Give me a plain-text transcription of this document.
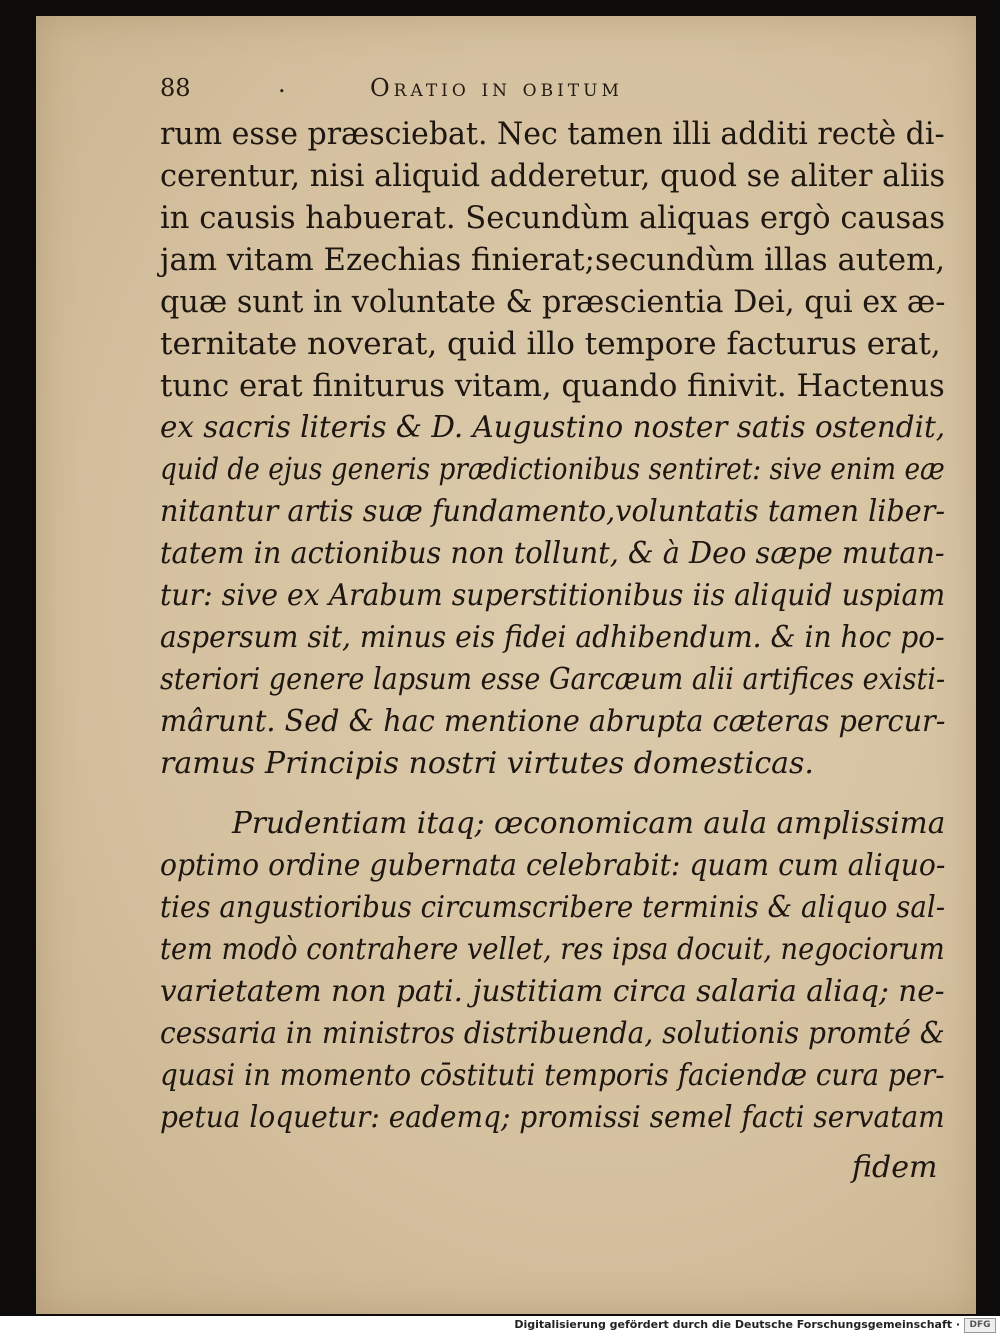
88	.	Oratio in obitum
rum esse præsciebat. Nec tamen illi additi rectè di-
cerentur, nisi aliquid adderetur, quod se aliter aliis
in causis habuerat. Secundùm aliquas ergò causas
jam vitam Ezechias finierat;secundùm illas autem,
quæ sunt in voluntate & præscientia Dei, qui ex æ-
ternitate noverat, quid illo tempore facturus erat,
tunc erat finiturus vitam, quando finivit. Hactenus
ex sacris literis & D. Augustino noster satis ostendit,
quid de ejus generis prædictionibus sentiret: sive enim eæ
nitantur artis suæ fundamento,voluntatis tamen liber-
tatem in actionibus non tollunt, & à Deo sæpe mutan-
tur: sive ex Arabum superstitionibus iis aliquid uspiam
aspersum sit, minus eis fidei adhibendum. & in hoc po-
steriori genere lapsum esse Garcæum alii artifices existi-
mârunt. Sed & hac mentione abrupta cæteras percur-
ramus Principis nostri virtutes domesticas.
Prudentiam itaq; œconomicam aula amplissima
optimo ordine gubernata celebrabit: quam cum aliquo-
ties angustioribus circumscribere terminis & aliquo sal-
tem modò contrahere vellet, res ipsa docuit, negociorum
varietatem non pati. justitiam circa salaria aliaq; ne-
cessaria in ministros distribuenda, solutionis promté &
quasi in momento cōstituti temporis faciendæ cura per-
petua loquetur: eademq; promissi semel facti servatam
fidem
Digitalisierung gefördert durch die Deutsche Forschungsgemeinschaft ·	DFG
